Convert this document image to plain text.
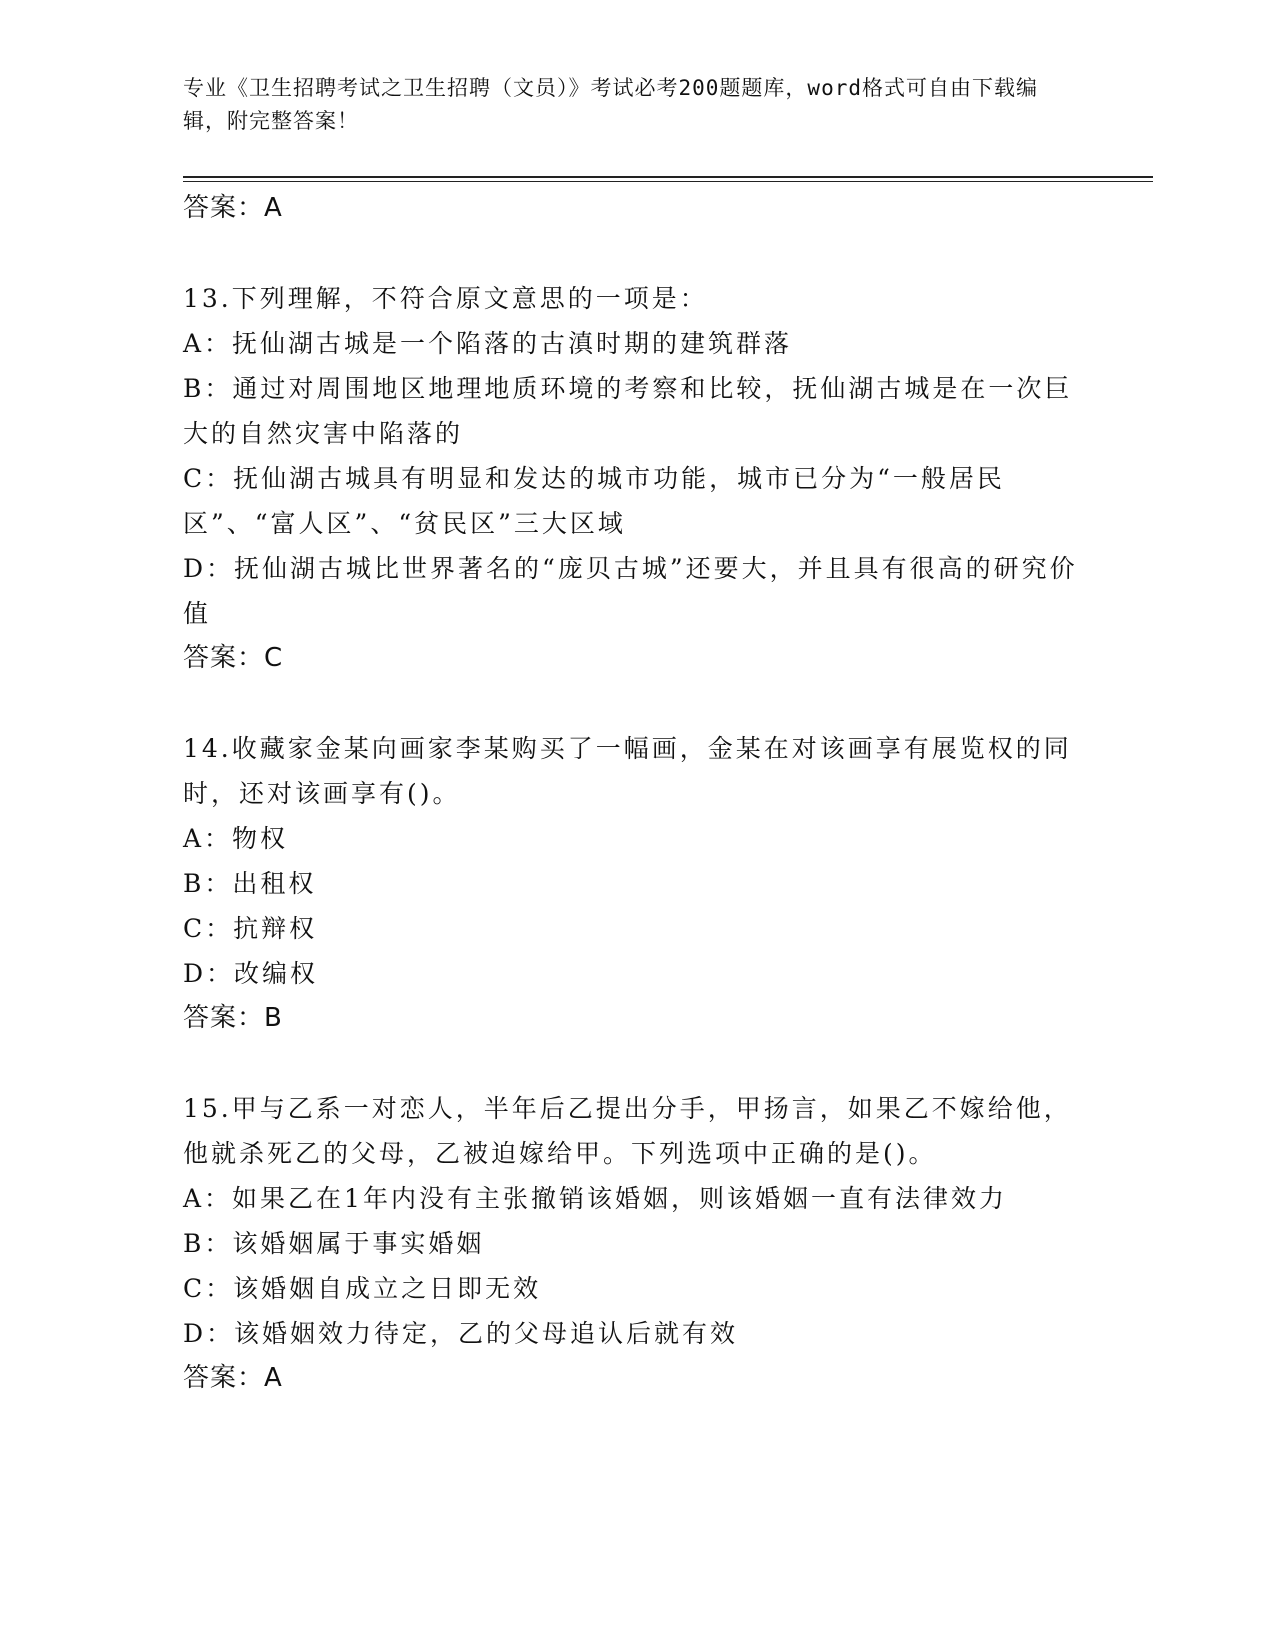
专业《卫生招聘考试之卫生招聘（文员）》考试必考200题题库，word格式可自由下载编辑，附完整答案！
答案：A
13.下列理解，不符合原文意思的一项是：
A：抚仙湖古城是一个陷落的古滇时期的建筑群落
B：通过对周围地区地理地质环境的考察和比较，抚仙湖古城是在一次巨大的自然灾害中陷落的
C：抚仙湖古城具有明显和发达的城市功能，城市已分为“一般居民区”、“富人区”、“贫民区”三大区域
D：抚仙湖古城比世界著名的“庞贝古城”还要大，并且具有很高的研究价值
答案：C
14.收藏家金某向画家李某购买了一幅画，金某在对该画享有展览权的同时，还对该画享有()。
A：物权
B：出租权
C：抗辩权
D：改编权
答案：B
15.甲与乙系一对恋人，半年后乙提出分手，甲扬言，如果乙不嫁给他，他就杀死乙的父母，乙被迫嫁给甲。下列选项中正确的是()。
A：如果乙在1年内没有主张撤销该婚姻，则该婚姻一直有法律效力
B：该婚姻属于事实婚姻
C：该婚姻自成立之日即无效
D：该婚姻效力待定，乙的父母追认后就有效
答案：A
